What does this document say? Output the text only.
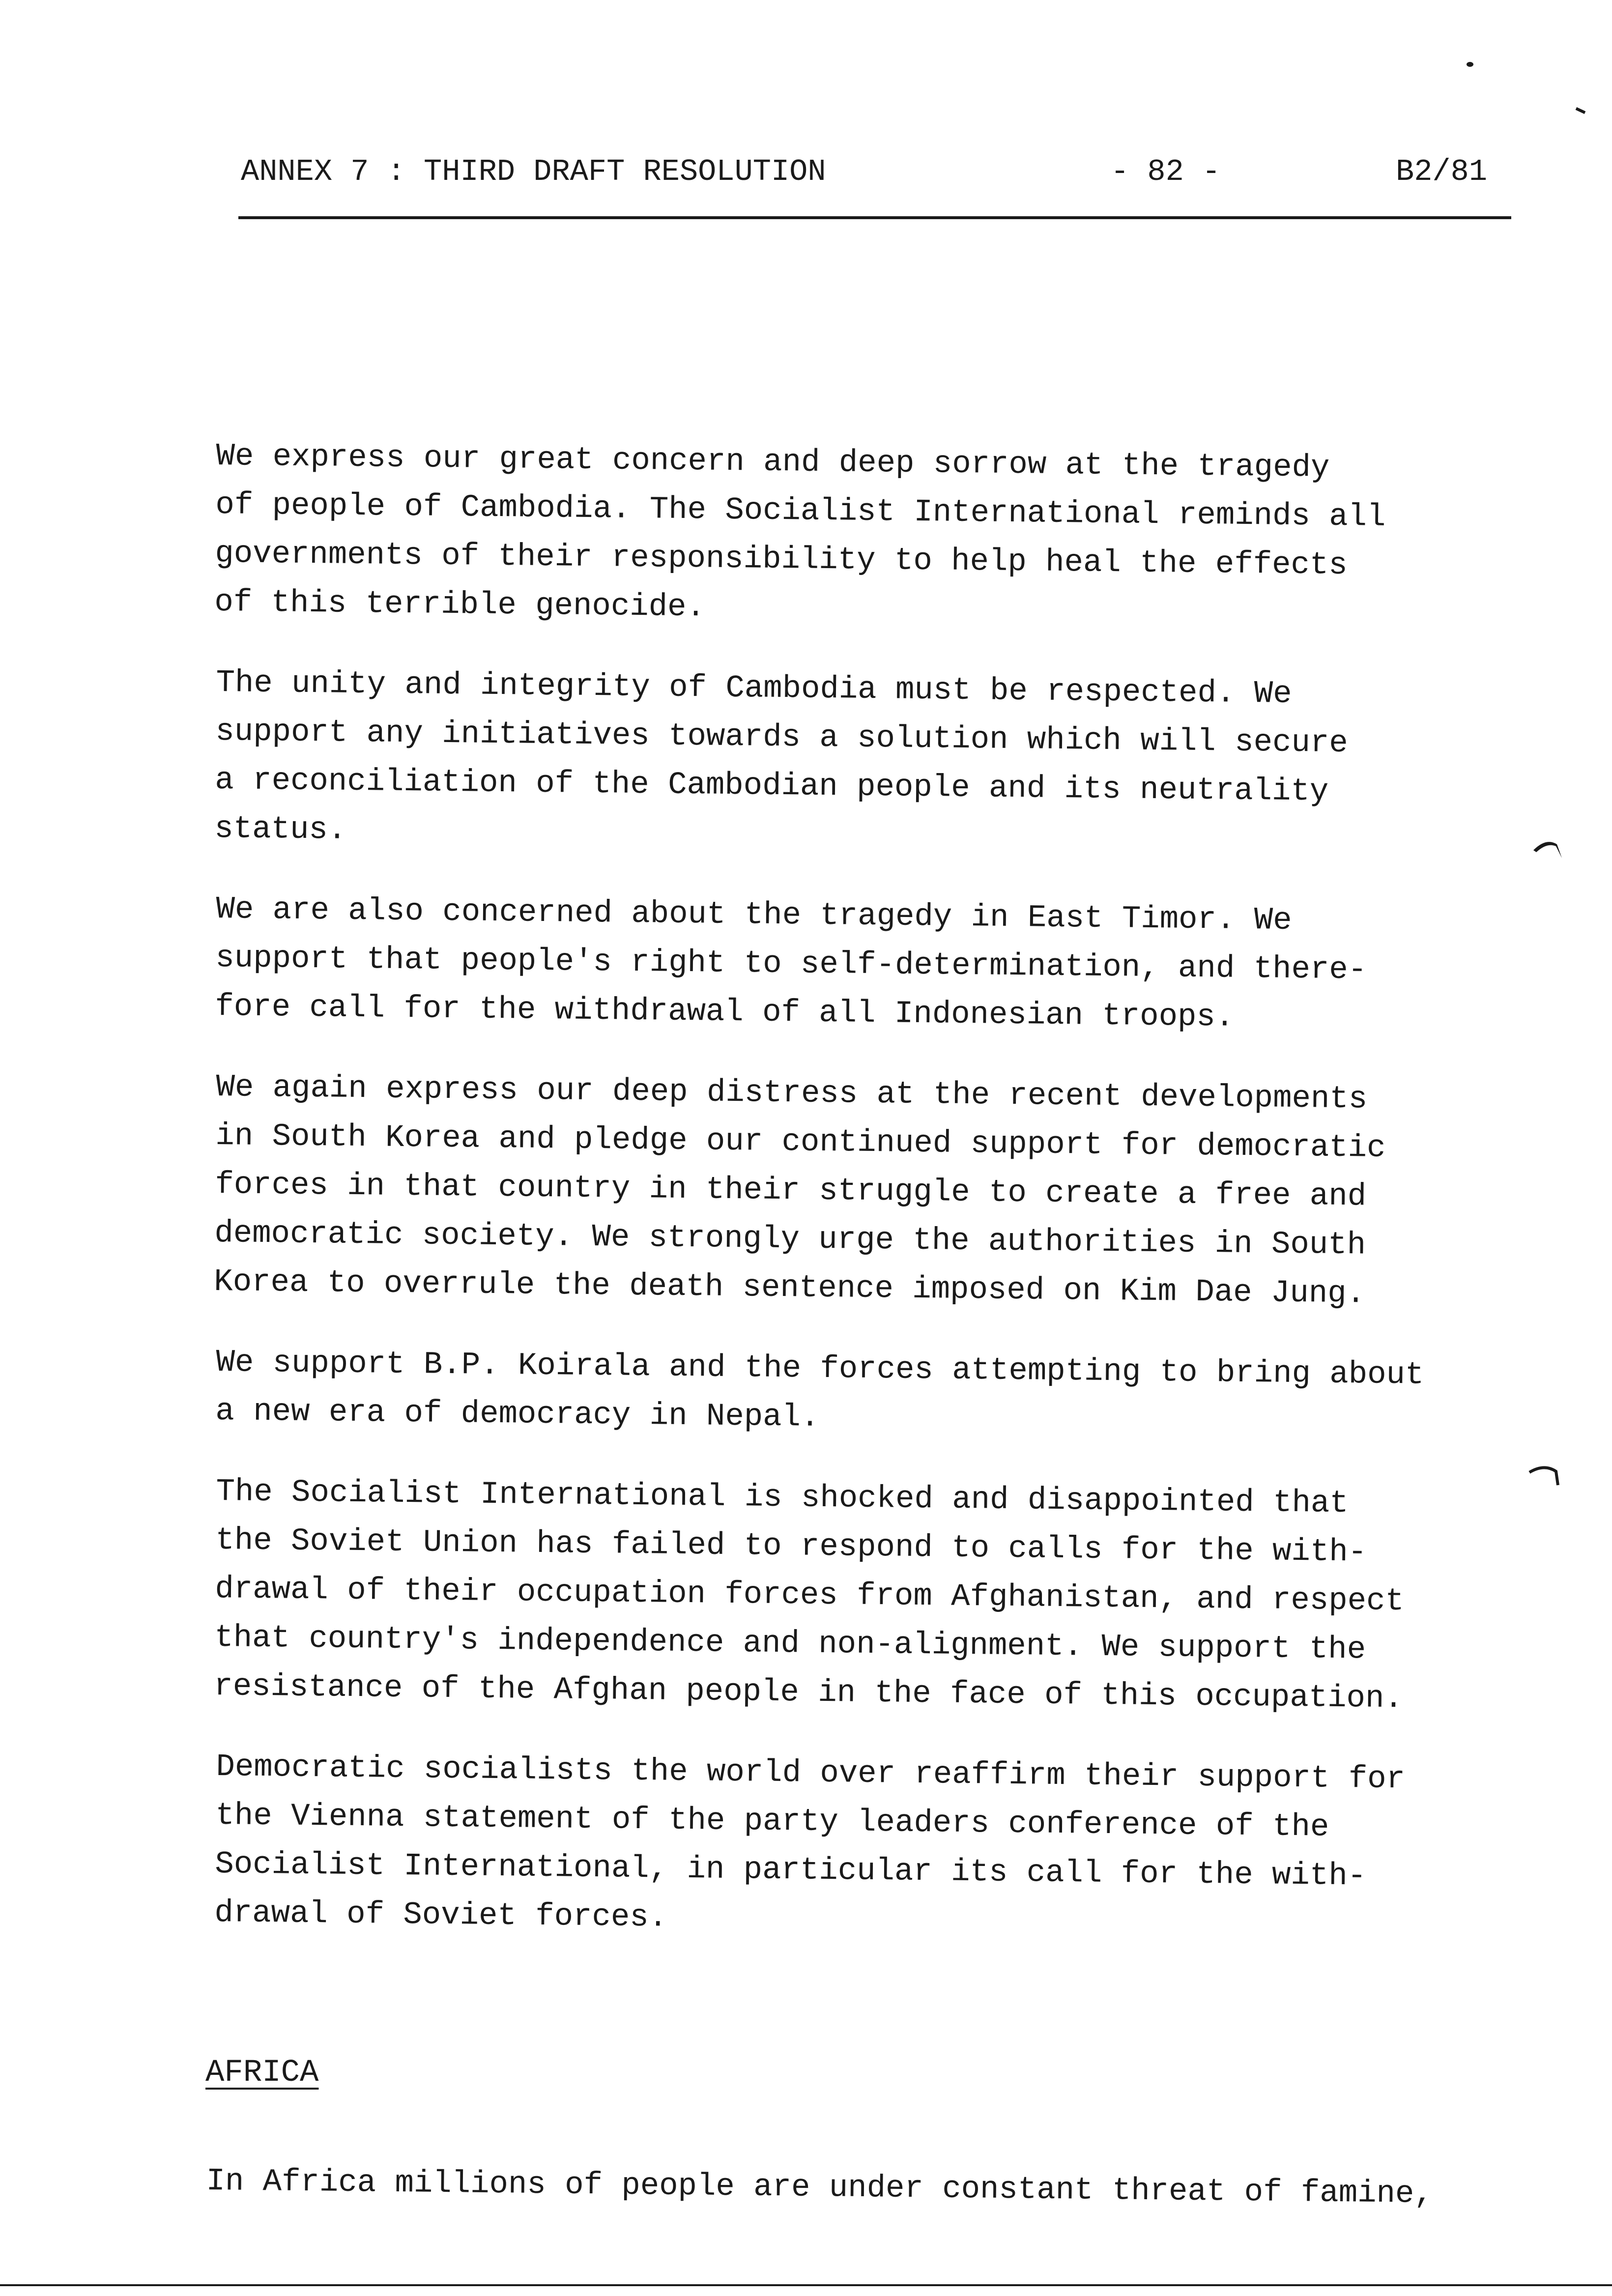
ANNEX 7 : THIRD DRAFT RESOLUTION	- 82 -	B2/81

We express our great concern and deep sorrow at the tragedy
of people of Cambodia. The Socialist International reminds all
governments of their responsibility to help heal the effects
of this terrible genocide.

The unity and integrity of Cambodia must be respected. We
support any initiatives towards a solution which will secure
a reconciliation of the Cambodian people and its neutrality
status.

We are also concerned about the tragedy in East Timor. We
support that people's right to self-determination, and there-
fore call for the withdrawal of all Indonesian troops.

We again express our deep distress at the recent developments
in South Korea and pledge our continued support for democratic
forces in that country in their struggle to create a free and
democratic society. We strongly urge the authorities in South
Korea to overrule the death sentence imposed on Kim Dae Jung.

We support B.P. Koirala and the forces attempting to bring about
a new era of democracy in Nepal.

The Socialist International is shocked and disappointed that
the Soviet Union has failed to respond to calls for the with-
drawal of their occupation forces from Afghanistan, and respect
that country's independence and non-alignment. We support the
resistance of the Afghan people in the face of this occupation.

Democratic socialists the world over reaffirm their support for
the Vienna statement of the party leaders conference of the
Socialist International, in particular its call for the with-
drawal of Soviet forces.

AFRICA
In Africa millions of people are under constant threat of famine,
